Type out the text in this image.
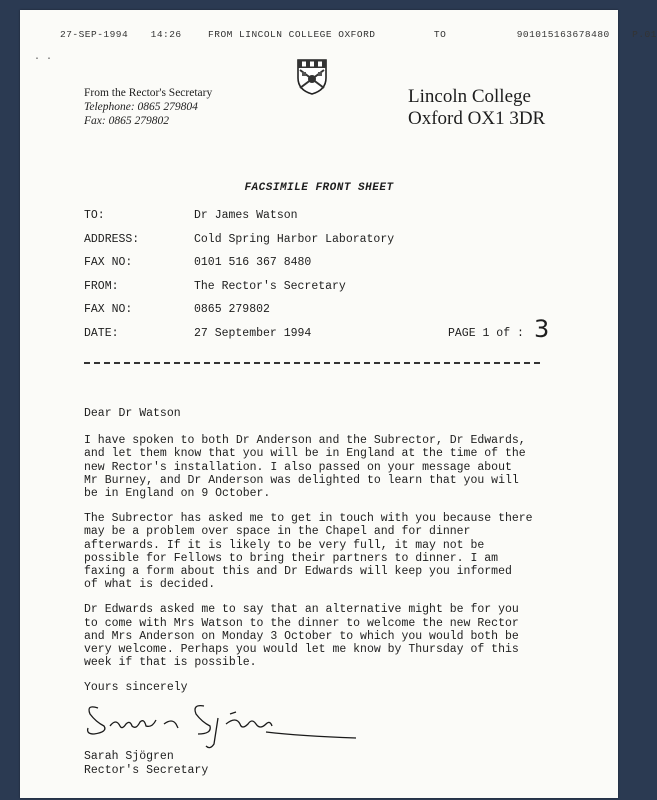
27-SEP-1994 14:26	FROM LINCOLN COLLEGE OXFORD	TO	901015163678480 P.01
· ·
From the Rector's Secretary
Telephone: 0865 279804
Fax: 0865 279802
Lincoln College
Oxford OX1 3DR
FACSIMILE FRONT SHEET
TO:	Dr James Watson
ADDRESS:	Cold Spring Harbor Laboratory
FAX NO:	0101 516 367 8480
FROM:	The Rector's Secretary
FAX NO:	0865 279802
DATE:	27 September 1994	PAGE 1 of : 3

Dear Dr Watson

I have spoken to both Dr Anderson and the Subrector, Dr Edwards,
and let them know that you will be in England at the time of the
new Rector's installation. I also passed on your message about
Mr Burney, and Dr Anderson was delighted to learn that you will
be in England on 9 October.

The Subrector has asked me to get in touch with you because there
may be a problem over space in the Chapel and for dinner
afterwards. If it is likely to be very full, it may not be
possible for Fellows to bring their partners to dinner. I am
faxing a form about this and Dr Edwards will keep you informed
of what is decided.

Dr Edwards asked me to say that an alternative might be for you
to come with Mrs Watson to the dinner to welcome the new Rector
and Mrs Anderson on Monday 3 October to which you would both be
very welcome. Perhaps you would let me know by Thursday of this
week if that is possible.

Yours sincerely

Sarah Sjögren
Rector's Secretary
